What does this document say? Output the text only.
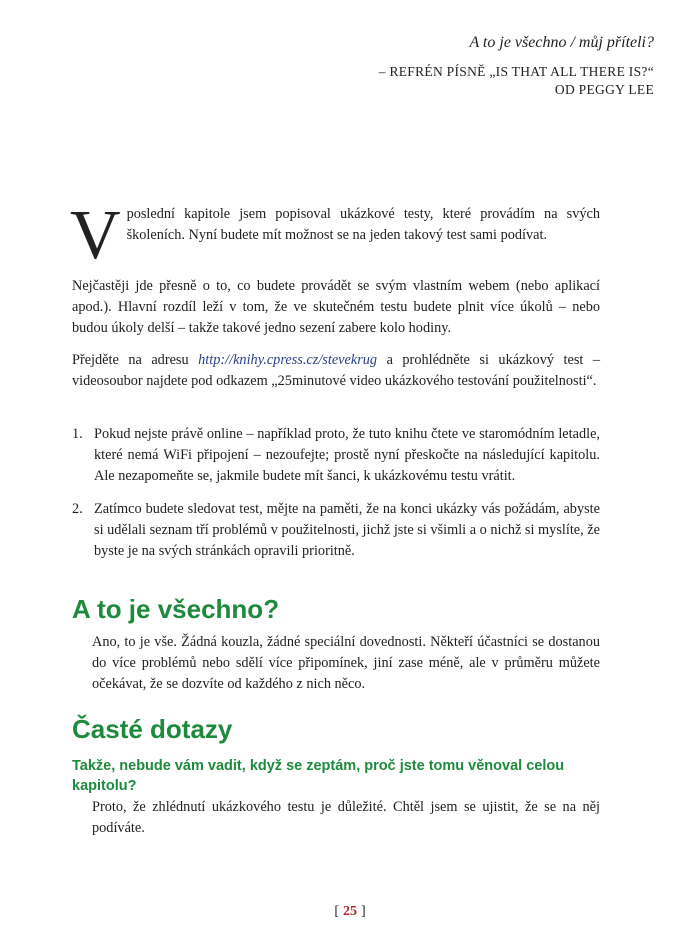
A to je všechno / můj příteli?
– REFRÉN PÍSNĚ „IS THAT ALL THERE IS?“
OD PEGGY LEE

V poslední kapitole jsem popisoval ukázkové testy, které provádím na svých školeních. Nyní budete mít možnost se na jeden takový test sami podívat.

Nejčastěji jde přesně o to, co budete provádět se svým vlastním webem (nebo aplikací apod.). Hlavní rozdíl leží v tom, že ve skutečném testu budete plnit více úkolů – nebo budou úkoly delší – takže takové jedno sezení zabere kolo hodiny.

Přejděte na adresu http://knihy.cpress.cz/stevekrug a prohlédněte si ukázkový test – videosoubor najdete pod odkazem „25minutové video ukázkového testování použitelnosti“.

1. Pokud nejste právě online – například proto, že tuto knihu čtete ve staromódním letadle, které nemá WiFi připojení – nezoufejte; prostě nyní přeskočte na následující kapitolu. Ale nezapomeňte se, jakmile budete mít šanci, k ukázkovému testu vrátit.
2. Zatímco budete sledovat test, mějte na paměti, že na konci ukázky vás požádám, abyste si udělali seznam tří problémů v použitelnosti, jichž jste si všimli a o nichž si myslíte, že byste je na svých stránkách opravili prioritně.
A to je všechno?

Ano, to je vše. Žádná kouzla, žádné speciální dovednosti. Někteří účastníci se dostanou do více problémů nebo sdělí více připomínek, jiní zase méně, ale v průměru můžete očekávat, že se dozvíte od každého z nich něco.

Časté dotazy
Takže, nebude vám vadit, když se zeptám, proč jste tomu věnoval celou kapitolu?

Proto, že zhlédnutí ukázkového testu je důležité. Chtěl jsem se ujistit, že se na něj podíváte.

[ 25 ]
